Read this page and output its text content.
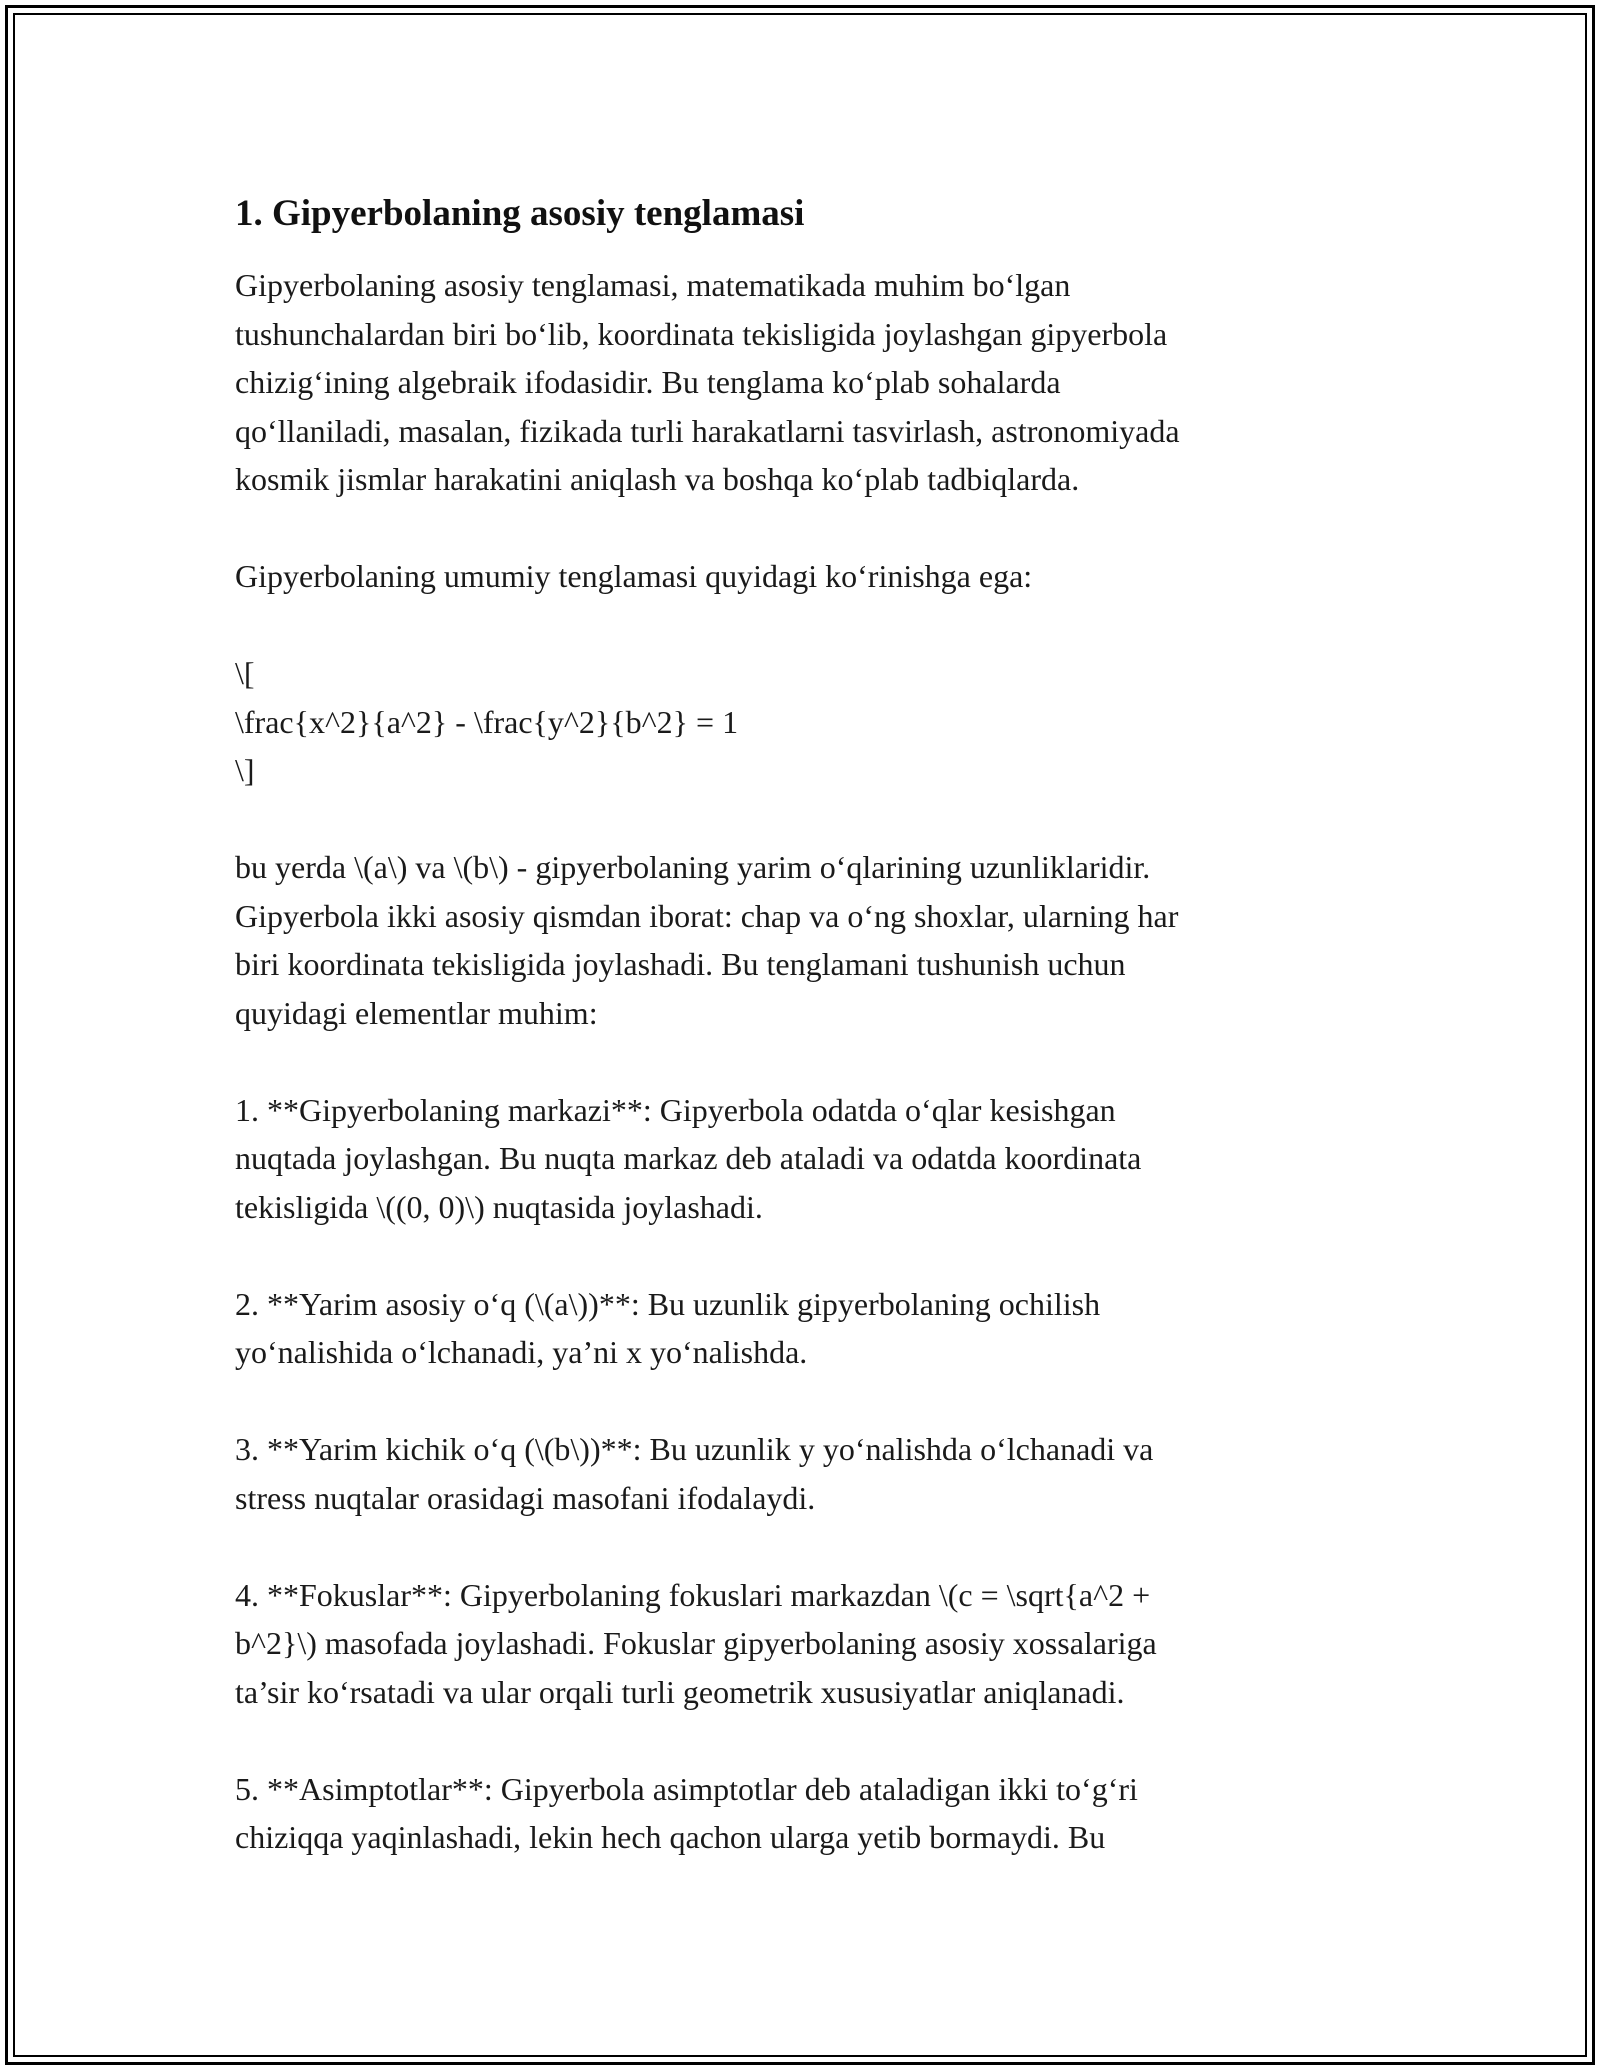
1. Gipyerbolaning asosiy tenglamasi
Gipyerbolaning asosiy tenglamasi, matematikada muhim bo‘lgan
tushunchalardan biri bo‘lib, koordinata tekisligida joylashgan gipyerbola
chizig‘ining algebraik ifodasidir. Bu tenglama ko‘plab sohalarda
qo‘llaniladi, masalan, fizikada turli harakatlarni tasvirlash, astronomiyada
kosmik jismlar harakatini aniqlash va boshqa ko‘plab tadbiqlarda.
Gipyerbolaning umumiy tenglamasi quyidagi ko‘rinishga ega:
\[
\frac{x^2}{a^2} - \frac{y^2}{b^2} = 1
\]
bu yerda \(a\) va \(b\) - gipyerbolaning yarim o‘qlarining uzunliklaridir.
Gipyerbola ikki asosiy qismdan iborat: chap va o‘ng shoxlar, ularning har
biri koordinata tekisligida joylashadi. Bu tenglamani tushunish uchun
quyidagi elementlar muhim:
1. **Gipyerbolaning markazi**: Gipyerbola odatda o‘qlar kesishgan
nuqtada joylashgan. Bu nuqta markaz deb ataladi va odatda koordinata
tekisligida \((0, 0)\) nuqtasida joylashadi.
2. **Yarim asosiy o‘q (\(a\))**: Bu uzunlik gipyerbolaning ochilish
yo‘nalishida o‘lchanadi, ya’ni x yo‘nalishda.
3. **Yarim kichik o‘q (\(b\))**: Bu uzunlik y yo‘nalishda o‘lchanadi va
stress nuqtalar orasidagi masofani ifodalaydi.
4. **Fokuslar**: Gipyerbolaning fokuslari markazdan \(c = \sqrt{a^2 +
b^2}\) masofada joylashadi. Fokuslar gipyerbolaning asosiy xossalariga
ta’sir ko‘rsatadi va ular orqali turli geometrik xususiyatlar aniqlanadi.
5. **Asimptotlar**: Gipyerbola asimptotlar deb ataladigan ikki to‘g‘ri
chiziqqa yaqinlashadi, lekin hech qachon ularga yetib bormaydi. Bu
